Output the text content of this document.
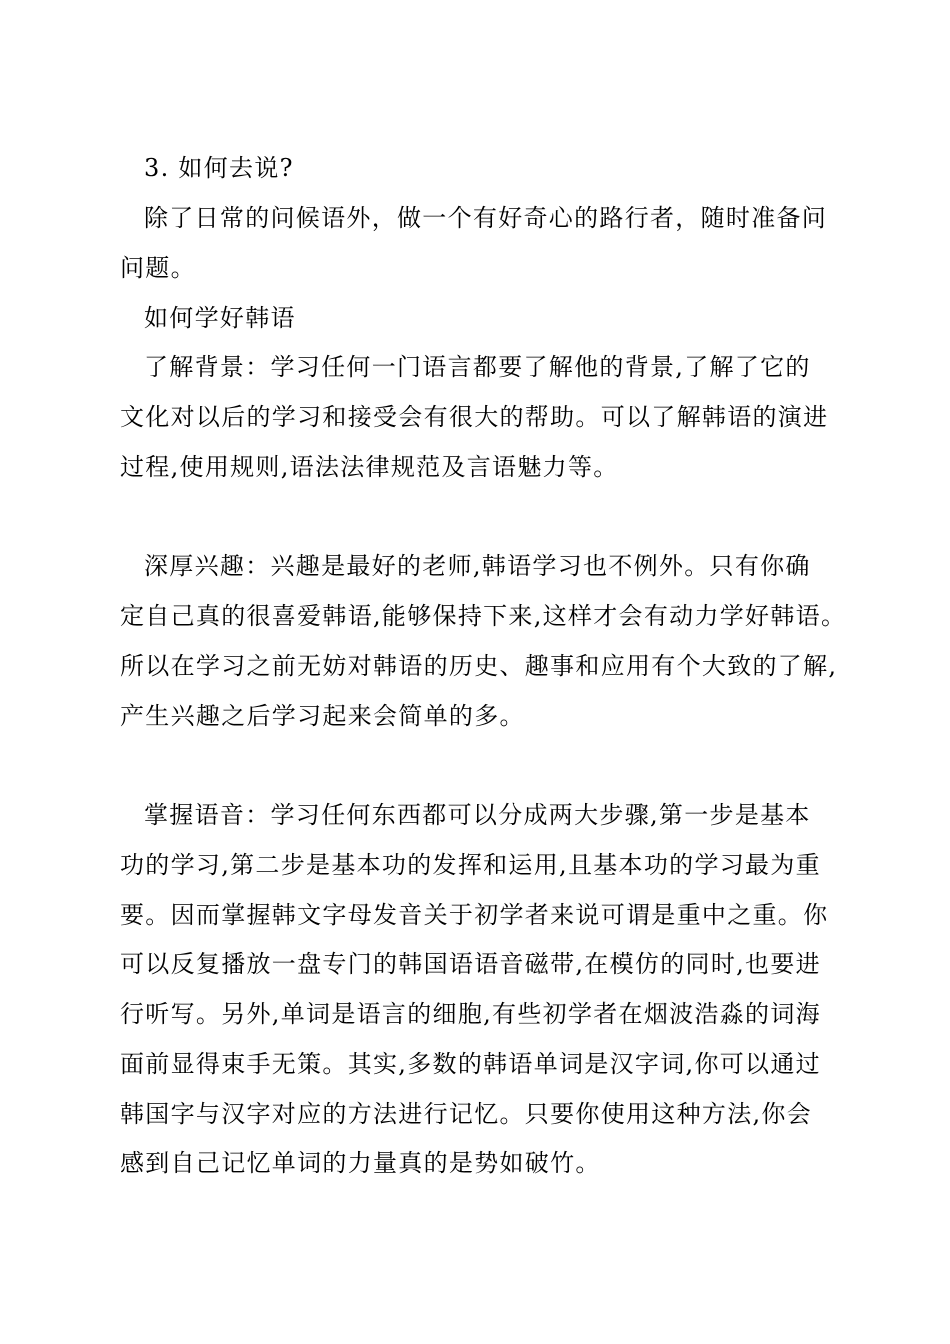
3. 如何去说?
除了日常的问候语外，做一个有好奇心的路行者，随时准备问
问题。
如何学好韩语
了解背景：学习任何一门语言都要了解他的背景,了解了它的
文化对以后的学习和接受会有很大的帮助。可以了解韩语的演进
过程,使用规则,语法法律规范及言语魅力等。
深厚兴趣：兴趣是最好的老师,韩语学习也不例外。只有你确
定自己真的很喜爱韩语,能够保持下来,这样才会有动力学好韩语。
所以在学习之前无妨对韩语的历史、趣事和应用有个大致的了解,
产生兴趣之后学习起来会简单的多。
掌握语音：学习任何东西都可以分成两大步骤,第一步是基本
功的学习,第二步是基本功的发挥和运用,且基本功的学习最为重
要。因而掌握韩文字母发音关于初学者来说可谓是重中之重。你
可以反复播放一盘专门的韩国语语音磁带,在模仿的同时,也要进
行听写。另外,单词是语言的细胞,有些初学者在烟波浩淼的词海
面前显得束手无策。其实,多数的韩语单词是汉字词,你可以通过
韩国字与汉字对应的方法进行记忆。只要你使用这种方法,你会
感到自己记忆单词的力量真的是势如破竹。
